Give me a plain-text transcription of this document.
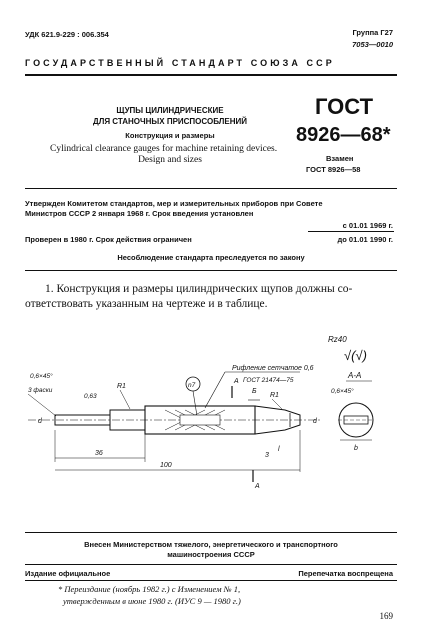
УДК 621.9-229 : 006.354	Группа Г27
7053—0010
ГОСУДАРСТВЕННЫЙ СТАНДАРТ СОЮЗА ССР
ЩУПЫ ЦИЛИНДРИЧЕСКИЕ
ДЛЯ СТАНОЧНЫХ ПРИСПОСОБЛЕНИЙ
Конструкция и размеры
Cylindrical clearance gauges for machine retaining devices.
Design and sizes
ГОСТ
8926—68*
Взамен
ГОСТ 8926—58
Утвержден Комитетом стандартов, мер и измерительных приборов при Совете
Министров СССР 2 января 1968 г. Срок введения установлен
с 01.01 1969 г.
Проверен в 1980 г. Срок действия ограничен	до 01.01 1990 г.
Несоблюдение стандарта преследуется по закону
1. Конструкция и размеры цилиндрических щупов должны со-
ответствовать указанным на чертеже и в таблице.
Rz40
√(√)
Рифление сетчатое 0,6
ГОСТ 21474—75
А
А
Б
n7
0,6×45°
3 фаски
0,63
R1
R1
d	d
36
100
3
l
А-А
0,6×45°
b
Внесен Министерством тяжелого, энергетического и транспортного
машиностроения СССР
Издание официальное	Перепечатка воспрещена
* Переиздание (ноябрь 1982 г.) с Изменением № 1,
утвержденным в июне 1980 г. (ИУС 9 — 1980 г.)
169
